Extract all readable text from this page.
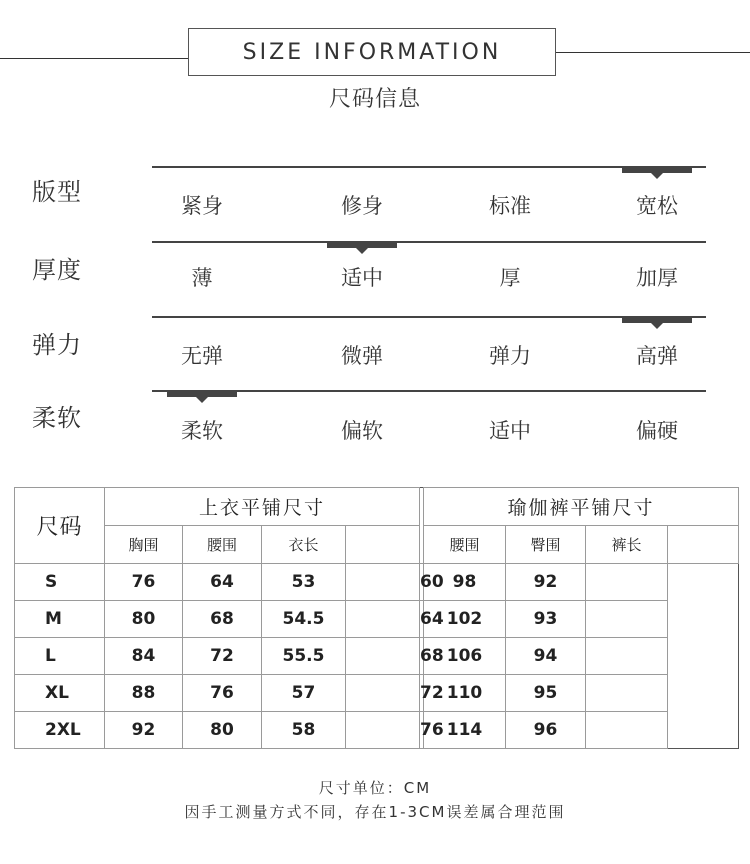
SIZE INFORMATION
尺码信息
版型	紧身	修身	标准	宽松
厚度	薄	适中	厚	加厚
弹力	无弹	微弹	弹力	高弹
柔软	柔软	偏软	适中	偏硬
尺码	上衣平铺尺寸					瑜伽裤平铺尺寸			
	胸围	腰围	衣长			腰围	臀围	裤长	
S	76	64	53		60	98	92		
M	80	68	54.5		64	102	93		
L	84	72	55.5		68	106	94		
XL	88	76	57		72	110	95		
2XL	92	80	58		76	114	96		
尺寸单位：CM
因手工测量方式不同，存在1-3CM误差属合理范围
